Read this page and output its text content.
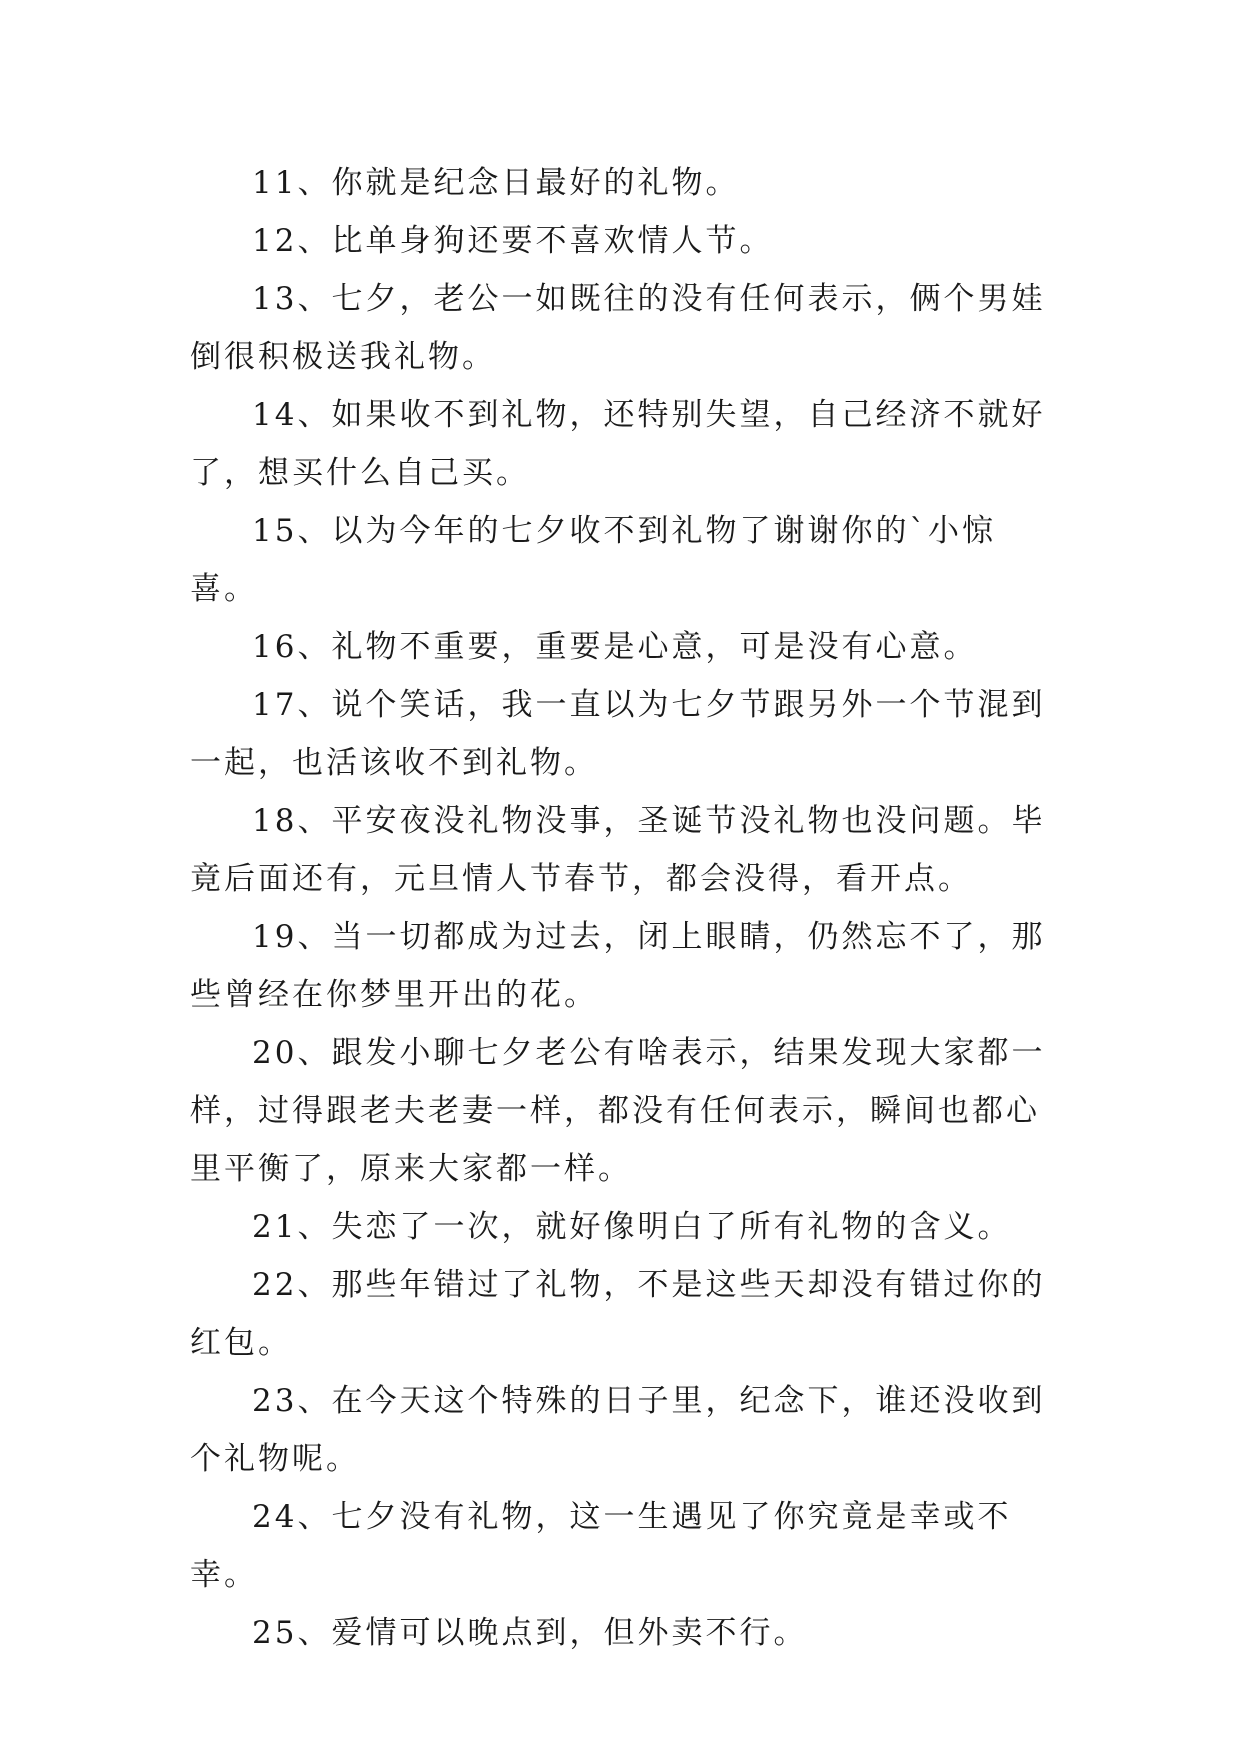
11、你就是纪念日最好的礼物。

12、比单身狗还要不喜欢情人节。

13、七夕，老公一如既往的没有任何表示，俩个男娃倒很积极送我礼物。

14、如果收不到礼物，还特别失望，自己经济不就好了，想买什么自己买。

15、以为今年的七夕收不到礼物了谢谢你的`小惊喜。

16、礼物不重要，重要是心意，可是没有心意。

17、说个笑话，我一直以为七夕节跟另外一个节混到一起，也活该收不到礼物。

18、平安夜没礼物没事，圣诞节没礼物也没问题。毕竟后面还有，元旦情人节春节，都会没得，看开点。

19、当一切都成为过去，闭上眼睛，仍然忘不了，那些曾经在你梦里开出的花。

20、跟发小聊七夕老公有啥表示，结果发现大家都一样，过得跟老夫老妻一样，都没有任何表示，瞬间也都心里平衡了，原来大家都一样。

21、失恋了一次，就好像明白了所有礼物的含义。

22、那些年错过了礼物，不是这些天却没有错过你的红包。

23、在今天这个特殊的日子里，纪念下，谁还没收到个礼物呢。

24、七夕没有礼物，这一生遇见了你究竟是幸或不幸。

25、爱情可以晚点到，但外卖不行。
